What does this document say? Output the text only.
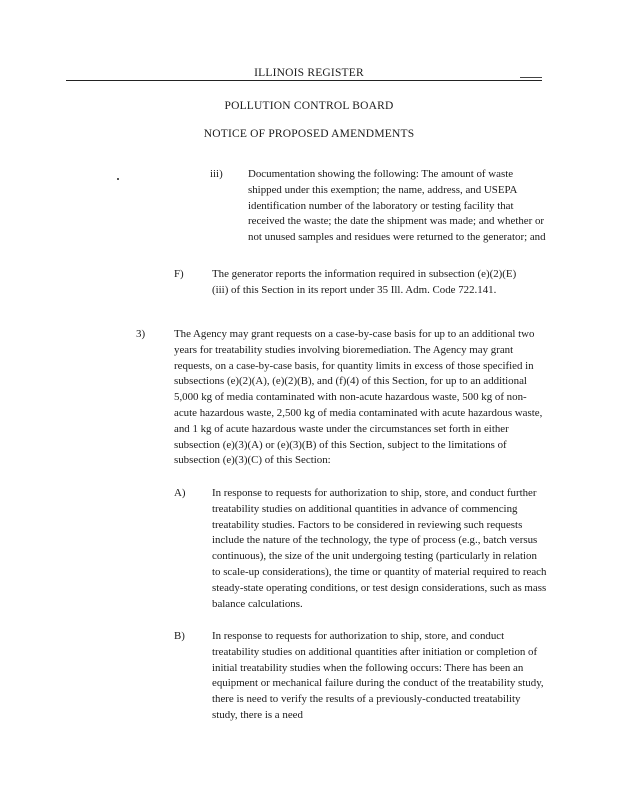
ILLINOIS REGISTER
POLLUTION CONTROL BOARD
NOTICE OF PROPOSED AMENDMENTS
iii) Documentation showing the following: The amount of waste shipped under this exemption; the name, address, and USEPA identification number of the laboratory or testing facility that received the waste; the date the shipment was made; and whether or not unused samples and residues were returned to the generator; and

F)	The generator reports the information required in subsection (e)(2)(E)(iii) of this Section in its report under 35 Ill. Adm. Code 722.141.

3)	The Agency may grant requests on a case-by-case basis for up to an additional two years for treatability studies involving bioremediation. The Agency may grant requests, on a case-by-case basis, for quantity limits in excess of those specified in subsections (e)(2)(A), (e)(2)(B), and (f)(4) of this Section, for up to an additional 5,000 kg of media contaminated with non-acute hazardous waste, 500 kg of non-acute hazardous waste, 2,500 kg of media contaminated with acute hazardous waste, and 1 kg of acute hazardous waste under the circumstances set forth in either subsection (e)(3)(A) or (e)(3)(B) of this Section, subject to the limitations of subsection (e)(3)(C) of this Section:

A) In response to requests for authorization to ship, store, and conduct further treatability studies on additional quantities in advance of commencing treatability studies. Factors to be considered in reviewing such requests include the nature of the technology, the type of process (e.g., batch versus continuous), the size of the unit undergoing testing (particularly in relation to scale-up considerations), the time or quantity of material required to reach steady-state operating conditions, or test design considerations, such as mass balance calculations.

B) In response to requests for authorization to ship, store, and conduct treatability studies on additional quantities after initiation or completion of initial treatability studies when the following occurs: There has been an equipment or mechanical failure during the conduct of the treatability study, there is need to verify the results of a previously-conducted treatability study, there is a need
